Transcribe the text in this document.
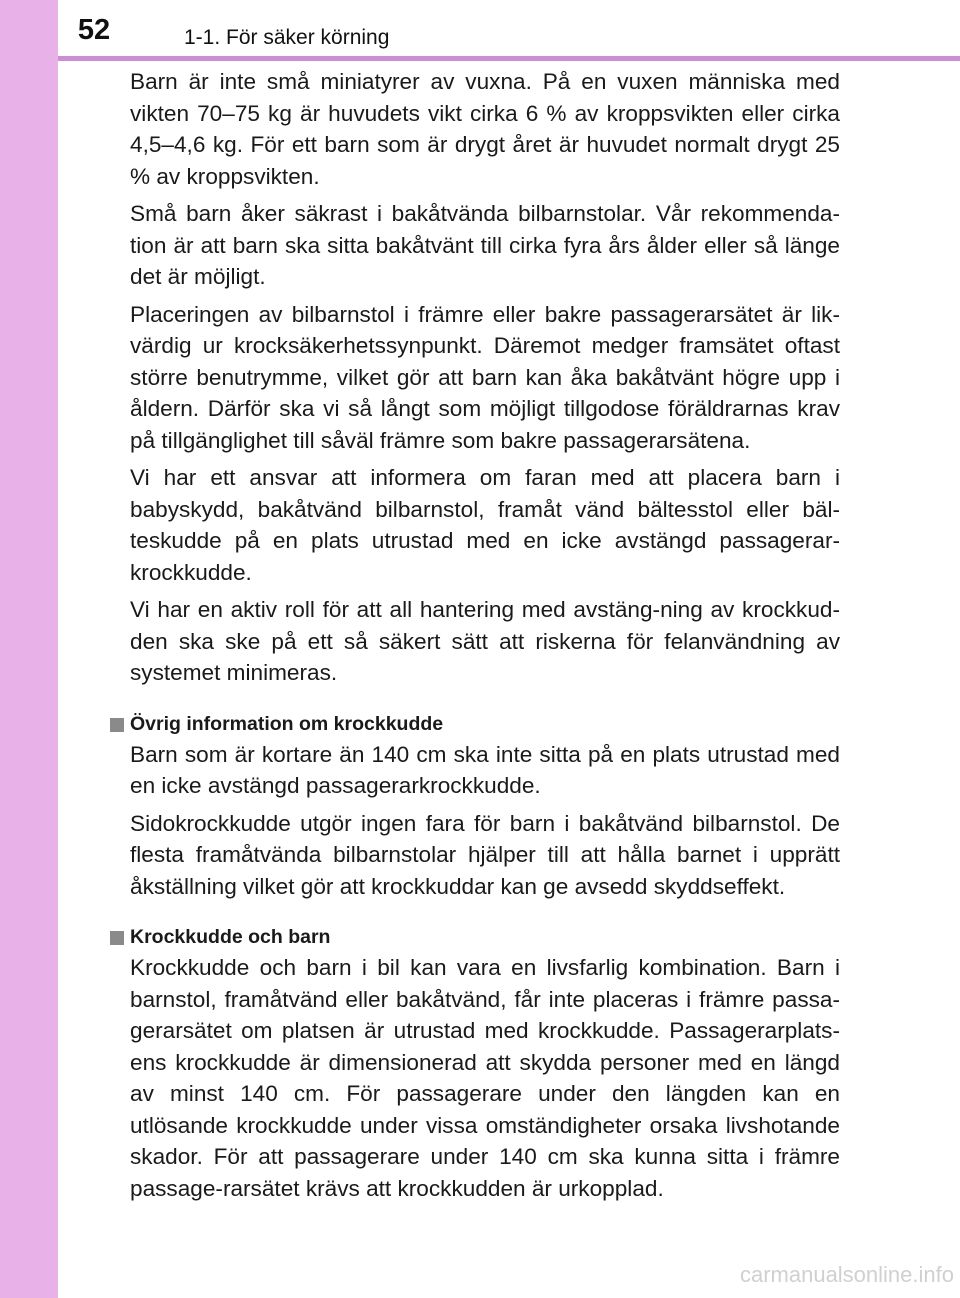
52	1-1. För säker körning

Barn är inte små miniatyrer av vuxna. På en vuxen människa med vikten 70–75 kg är huvudets vikt cirka 6 % av kroppsvikten eller cirka 4,5–4,6 kg. För ett barn som är drygt året är huvudet normalt drygt 25 % av kroppsvikten.

Små barn åker säkrast i bakåtvända bilbarnstolar. Vår rekommenda-tion är att barn ska sitta bakåtvänt till cirka fyra års ålder eller så länge det är möjligt.

Placeringen av bilbarnstol i främre eller bakre passagerarsätet är lik-värdig ur krocksäkerhetssynpunkt. Däremot medger framsätet oftast större benutrymme, vilket gör att barn kan åka bakåtvänt högre upp i åldern. Därför ska vi så långt som möjligt tillgodose föräldrarnas krav på tillgänglighet till såväl främre som bakre passagerarsätena.

Vi har ett ansvar att informera om faran med att placera barn i babyskydd, bakåtvänd bilbarnstol, framåt vänd bältesstol eller bäl-teskudde på en plats utrustad med en icke avstängd passagerar-krockkudde.

Vi har en aktiv roll för att all hantering med avstäng-ning av krockkud-den ska ske på ett så säkert sätt att riskerna för felanvändning av systemet minimeras.

Övrig information om krockkudde

Barn som är kortare än 140 cm ska inte sitta på en plats utrustad med en icke avstängd passagerarkrockkudde.

Sidokrockkudde utgör ingen fara för barn i bakåtvänd bilbarnstol. De flesta framåtvända bilbarnstolar hjälper till att hålla barnet i upprätt åkställning vilket gör att krockkuddar kan ge avsedd skyddseffekt.

Krockkudde och barn

Krockkudde och barn i bil kan vara en livsfarlig kombination. Barn i barnstol, framåtvänd eller bakåtvänd, får inte placeras i främre passa-gerarsätet om platsen är utrustad med krockkudde. Passagerarplats-ens krockkudde är dimensionerad att skydda personer med en längd av minst 140 cm. För passagerare under den längden kan en utlösande krockkudde under vissa omständigheter orsaka livshotande skador. För att passagerare under 140 cm ska kunna sitta i främre passage-rarsätet krävs att krockkudden är urkopplad.

carmanualsonline.info
